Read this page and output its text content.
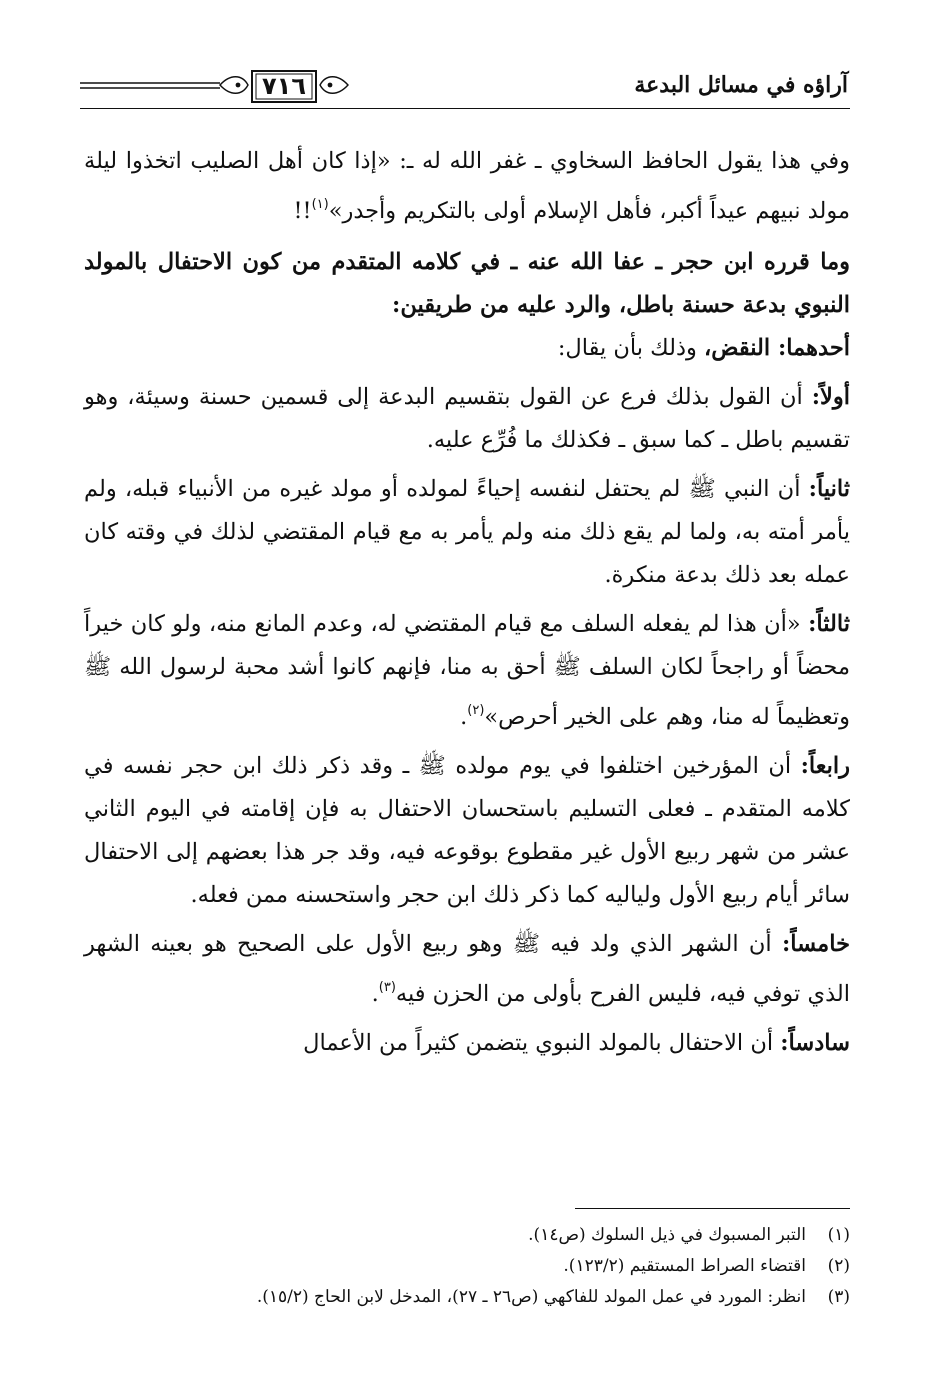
آراؤه في مسائل البدعة
٧١٦

وفي هذا يقول الحافظ السخاوي ـ غفر الله له ـ: «إذا كان أهل الصليب اتخذوا ليلة مولد نبيهم عيداً أكبر، فأهل الإسلام أولى بالتكريم وأجدر»$^{(١)}$!!

وما قرره ابن حجر ـ عفا الله عنه ـ في كلامه المتقدم من كون الاحتفال بالمولد النبوي بدعة حسنة باطل، والرد عليه من طريقين:

أحدهما: النقض، وذلك بأن يقال:

أولاً: أن القول بذلك فرع عن القول بتقسيم البدعة إلى قسمين حسنة وسيئة، وهو تقسيم باطل ـ كما سبق ـ فكذلك ما فُرِّع عليه.

ثانياً: أن النبي ﷺ لم يحتفل لنفسه إحياءً لمولده أو مولد غيره من الأنبياء قبله، ولم يأمر أمته به، ولما لم يقع ذلك منه ولم يأمر به مع قيام المقتضي لذلك في وقته كان عمله بعد ذلك بدعة منكرة.

ثالثاً: «أن هذا لم يفعله السلف مع قيام المقتضي له، وعدم المانع منه، ولو كان خيراً محضاً أو راجحاً لكان السلف ﷺ أحق به منا، فإنهم كانوا أشد محبة لرسول الله ﷺ وتعظيماً له منا، وهم على الخير أحرص»$^{(٢)}$.

رابعاً: أن المؤرخين اختلفوا في يوم مولده ﷺ ـ وقد ذكر ذلك ابن حجر نفسه في كلامه المتقدم ـ فعلى التسليم باستحسان الاحتفال به فإن إقامته في اليوم الثاني عشر من شهر ربيع الأول غير مقطوع بوقوعه فيه، وقد جر هذا بعضهم إلى الاحتفال سائر أيام ربيع الأول ولياليه كما ذكر ذلك ابن حجر واستحسنه ممن فعله.

خامساً: أن الشهر الذي ولد فيه ﷺ وهو ربيع الأول على الصحيح هو بعينه الشهر الذي توفي فيه، فليس الفرح بأولى من الحزن فيه$^{(٣)}$.

سادساً: أن الاحتفال بالمولد النبوي يتضمن كثيراً من الأعمال

(١)
التبر المسبوك في ذيل السلوك (ص١٤).
(٢)
اقتضاء الصراط المستقيم (١٢٣/٢).
(٣)
انظر: المورد في عمل المولد للفاكهي (ص٢٦ ـ ٢٧)، المدخل لابن الحاج (١٥/٢).
